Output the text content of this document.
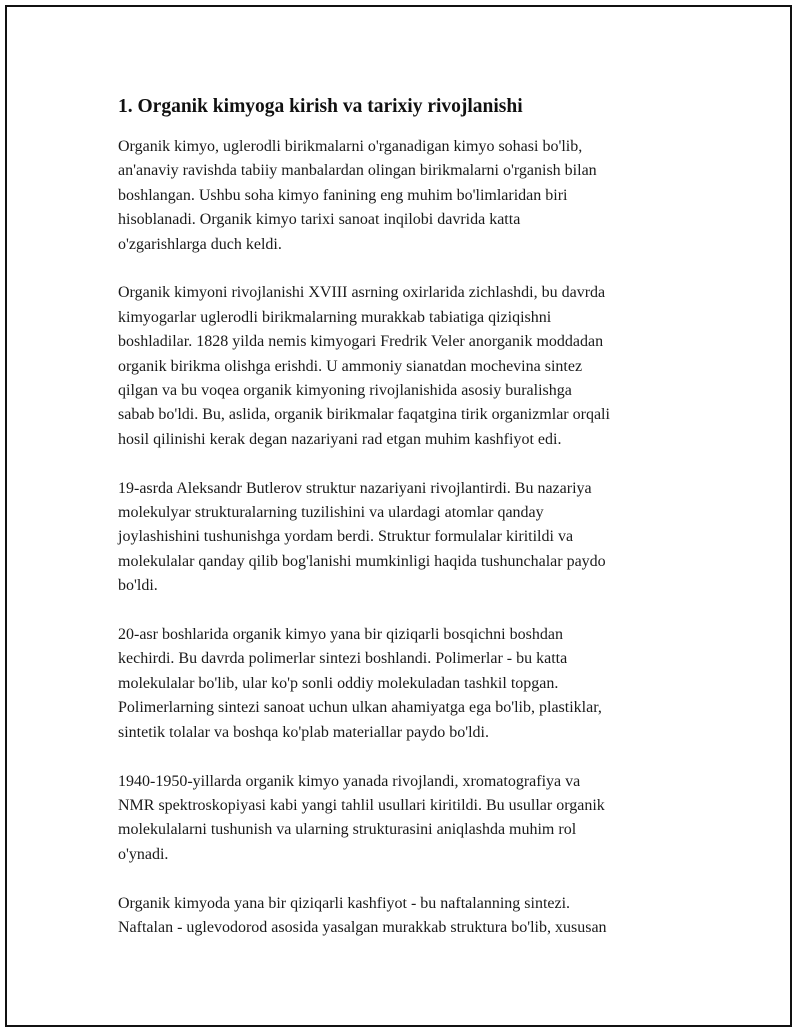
1. Organik kimyoga kirish va tarixiy rivojlanishi

Organik kimyo, uglerodli birikmalarni o'rganadigan kimyo sohasi bo'lib,
an'anaviy ravishda tabiiy manbalardan olingan birikmalarni o'rganish bilan
boshlangan. Ushbu soha kimyo fanining eng muhim bo'limlaridan biri
hisoblanadi. Organik kimyo tarixi sanoat inqilobi davrida katta
o'zgarishlarga duch keldi.

Organik kimyoni rivojlanishi XVIII asrning oxirlarida zichlashdi, bu davrda
kimyogarlar uglerodli birikmalarning murakkab tabiatiga qiziqishni
boshladilar. 1828 yilda nemis kimyogari Fredrik Veler anorganik moddadan
organik birikma olishga erishdi. U ammoniy sianatdan mochevina sintez
qilgan va bu voqea organik kimyoning rivojlanishida asosiy buralishga
sabab bo'ldi. Bu, aslida, organik birikmalar faqatgina tirik organizmlar orqali
hosil qilinishi kerak degan nazariyani rad etgan muhim kashfiyot edi.

19-asrda Aleksandr Butlerov struktur nazariyani rivojlantirdi. Bu nazariya
molekulyar strukturalarning tuzilishini va ulardagi atomlar qanday
joylashishini tushunishga yordam berdi. Struktur formulalar kiritildi va
molekulalar qanday qilib bog'lanishi mumkinligi haqida tushunchalar paydo
bo'ldi.

20-asr boshlarida organik kimyo yana bir qiziqarli bosqichni boshdan
kechirdi. Bu davrda polimerlar sintezi boshlandi. Polimerlar - bu katta
molekulalar bo'lib, ular ko'p sonli oddiy molekuladan tashkil topgan.
Polimerlarning sintezi sanoat uchun ulkan ahamiyatga ega bo'lib, plastiklar,
sintetik tolalar va boshqa ko'plab materiallar paydo bo'ldi.

1940-1950-yillarda organik kimyo yanada rivojlandi, xromatografiya va
NMR spektroskopiyasi kabi yangi tahlil usullari kiritildi. Bu usullar organik
molekulalarni tushunish va ularning strukturasini aniqlashda muhim rol
o'ynadi.

Organik kimyoda yana bir qiziqarli kashfiyot - bu naftalanning sintezi.
Naftalan - uglevodorod asosida yasalgan murakkab struktura bo'lib, xususan
